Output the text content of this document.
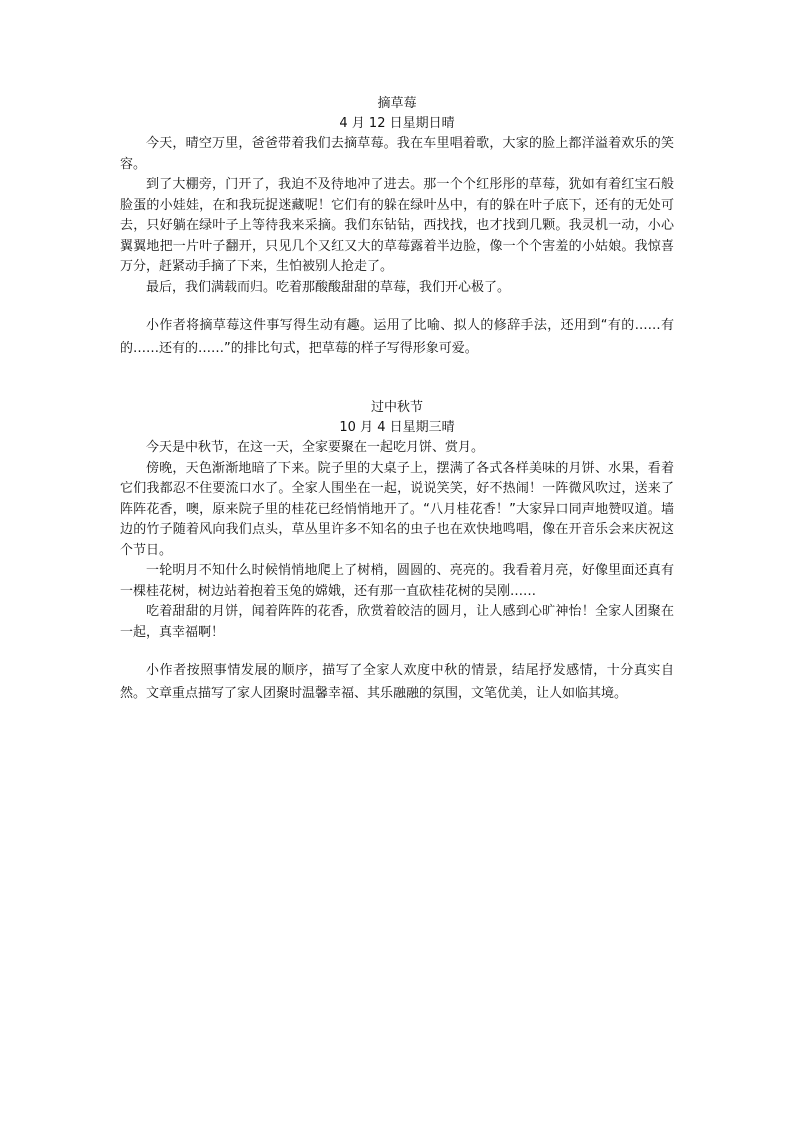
摘草莓

4 月 12 日星期日晴

今天，晴空万里，爸爸带着我们去摘草莓。我在车里唱着歌，大家的脸上都洋溢着欢乐的笑容。

到了大棚旁，门开了，我迫不及待地冲了进去。那一个个红彤彤的草莓，犹如有着红宝石般脸蛋的小娃娃，在和我玩捉迷藏呢！它们有的躲在绿叶丛中，有的躲在叶子底下，还有的无处可去，只好躺在绿叶子上等待我来采摘。我们东钻钻，西找找，也才找到几颗。我灵机一动，小心翼翼地把一片叶子翻开，只见几个又红又大的草莓露着半边脸，像一个个害羞的小姑娘。我惊喜万分，赶紧动手摘了下来，生怕被别人抢走了。

最后，我们满载而归。吃着那酸酸甜甜的草莓，我们开心极了。

小作者将摘草莓这件事写得生动有趣。运用了比喻、拟人的修辞手法，还用到“有的……有的……还有的……”的排比句式，把草莓的样子写得形象可爱。

过中秋节

10 月 4 日星期三晴

今天是中秋节，在这一天，全家要聚在一起吃月饼、赏月。

傍晚，天色渐渐地暗了下来。院子里的大桌子上，摆满了各式各样美味的月饼、水果，看着它们我都忍不住要流口水了。全家人围坐在一起，说说笑笑，好不热闹！一阵微风吹过，送来了阵阵花香，噢，原来院子里的桂花已经悄悄地开了。“八月桂花香！”大家异口同声地赞叹道。墙边的竹子随着风向我们点头，草丛里许多不知名的虫子也在欢快地鸣唱，像在开音乐会来庆祝这个节日。

一轮明月不知什么时候悄悄地爬上了树梢，圆圆的、亮亮的。我看着月亮，好像里面还真有一棵桂花树，树边站着抱着玉兔的嫦娥，还有那一直砍桂花树的吴刚……

吃着甜甜的月饼，闻着阵阵的花香，欣赏着皎洁的圆月，让人感到心旷神怡！全家人团聚在一起，真幸福啊！

小作者按照事情发展的顺序，描写了全家人欢度中秋的情景，结尾抒发感情，十分真实自然。文章重点描写了家人团聚时温馨幸福、其乐融融的氛围，文笔优美，让人如临其境。
